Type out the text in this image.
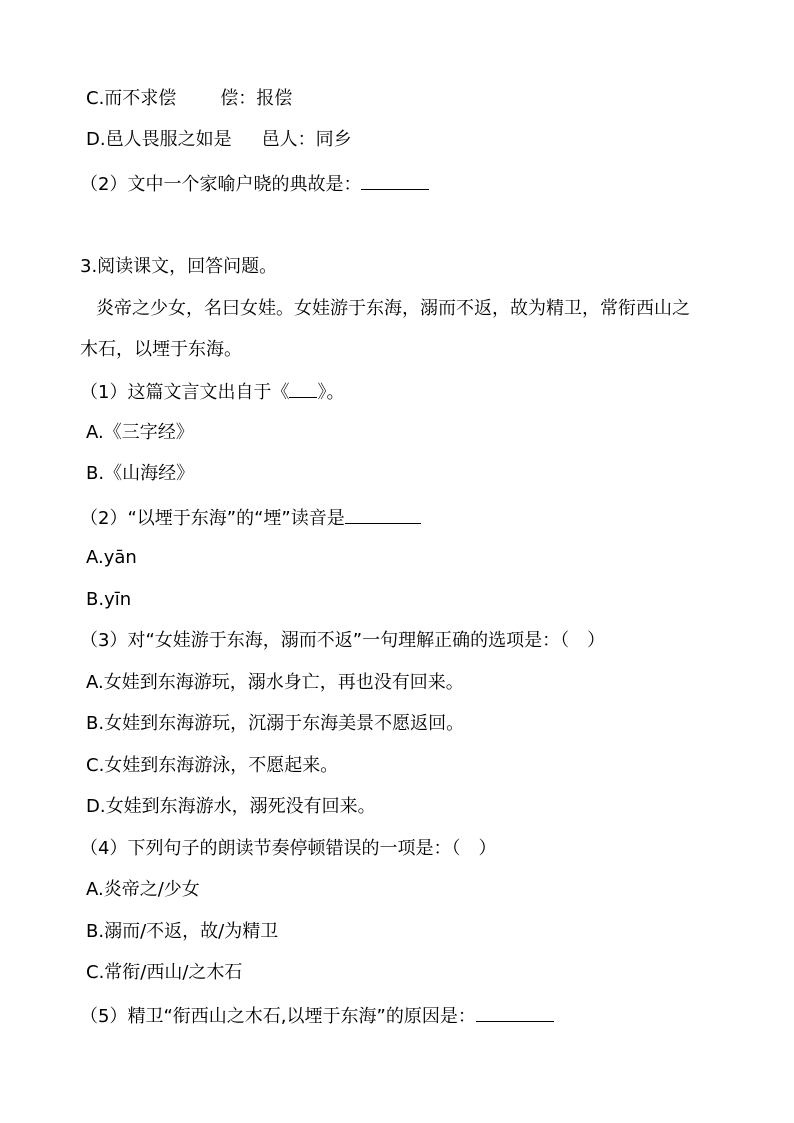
C.而不求偿 偿：报偿
D.邑人畏服之如是 邑人：同乡
（2）文中一个家喻户晓的典故是：
3.阅读课文，回答问题。
炎帝之少女，名曰女娃。女娃游于东海，溺而不返，故为精卫，常衔西山之
木石，以堙于东海。
（1）这篇文言文出自于《 》。
A.《三字经》
B.《山海经》
（2）“以堙于东海”的“堙”读音是
A.yān
B.yīn
（3）对“女娃游于东海，溺而不返”一句理解正确的选项是：（　）
A.女娃到东海游玩，溺水身亡，再也没有回来。
B.女娃到东海游玩，沉溺于东海美景不愿返回。
C.女娃到东海游泳，不愿起来。
D.女娃到东海游水，溺死没有回来。
（4）下列句子的朗读节奏停顿错误的一项是：（　）
A.炎帝之/少女
B.溺而/不返，故/为精卫
C.常衔/西山/之木石
（5）精卫“衔西山之木石,以堙于东海”的原因是：
